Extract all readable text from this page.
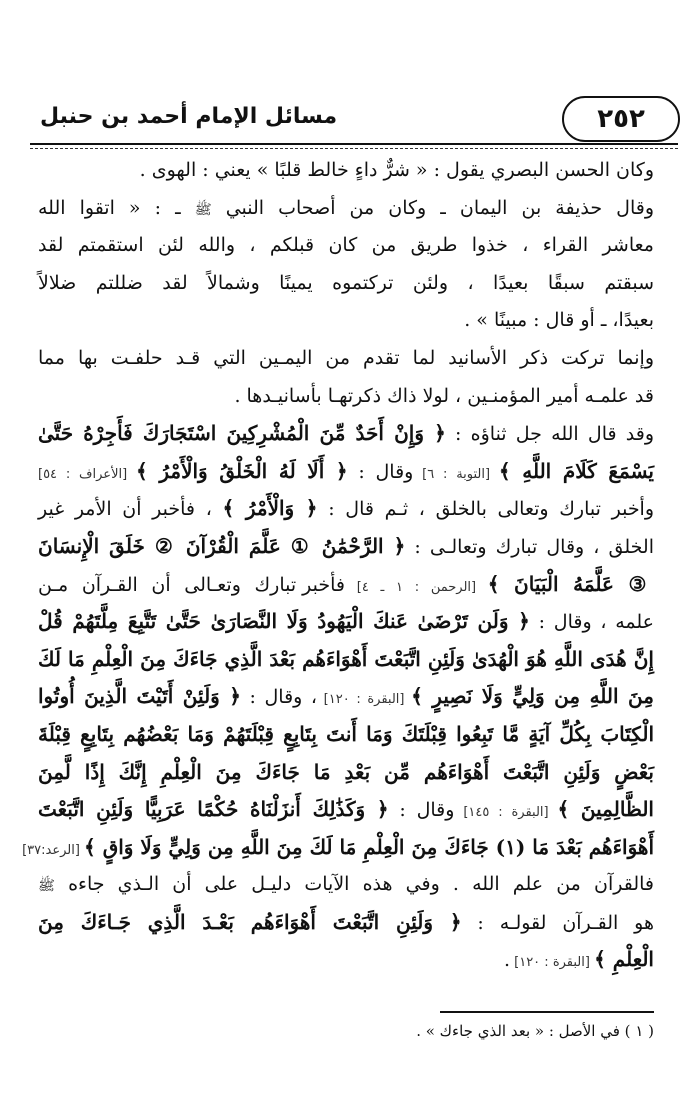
٢٥٢
مسائل الإمام أحمد بن حنبل
وكان الحسن البصري يقول : « شرٌّ داءٍ خالط قلبًا » يعني : الهوى .
وقال حذيفة بن اليمان ـ وكان من أصحاب النبي ﷺ ـ : « اتقوا الله
معاشر القراء ، خذوا طريق من كان قبلكم ، والله لئن استقمتم لقد
سبقتم سبقًا بعيدًا ، ولئن تركتموه يمينًا وشمالاً لقد ضللتم ضلالاً
بعيدًا، ـ أو قال : مبينًا » .
وإنما تركت ذكر الأسانيد لما تقدم من اليمـين التي قـد حلفـت بها مما
قد علمـه أمير المؤمنـين ، لولا ذاك ذكرتهـا بأسانيـدها .
وقد قال الله جل ثناؤه : ﴿ وَإِنْ أَحَدٌ مِّنَ الْمُشْرِكِينَ اسْتَجَارَكَ فَأَجِرْهُ حَتَّىٰ
يَسْمَعَ كَلَامَ اللَّهِ ﴾ [التوبة : ٦] وقال : ﴿ أَلَا لَهُ الْخَلْقُ وَالْأَمْرُ ﴾ [الأعراف : ٥٤]
وأخبر تبارك وتعالى بالخلق ، ثـم قال : ﴿ وَالْأَمْرُ ﴾ ، فأخبر أن الأمر غير
الخلق ، وقال تبارك وتعالـى : ﴿ الرَّحْمَٰنُ ① عَلَّمَ الْقُرْآنَ ② خَلَقَ الْإِنسَانَ
③ عَلَّمَهُ الْبَيَانَ ﴾ [الرحمن : ١ ـ ٤] فأخبر تبارك وتعـالى أن القـرآن مـن
علمه ، وقال : ﴿ وَلَن تَرْضَىٰ عَنكَ الْيَهُودُ وَلَا النَّصَارَىٰ حَتَّىٰ تَتَّبِعَ مِلَّتَهُمْ قُلْ
إِنَّ هُدَى اللَّهِ هُوَ الْهُدَىٰ وَلَئِنِ اتَّبَعْتَ أَهْوَاءَهُم بَعْدَ الَّذِي جَاءَكَ مِنَ الْعِلْمِ مَا لَكَ
مِنَ اللَّهِ مِن وَلِيٍّ وَلَا نَصِيرٍ ﴾ [البقرة : ١٢٠] ، وقال : ﴿ وَلَئِنْ أَتَيْتَ الَّذِينَ أُوتُوا
الْكِتَابَ بِكُلِّ آيَةٍ مَّا تَبِعُوا قِبْلَتَكَ وَمَا أَنتَ بِتَابِعٍ قِبْلَتَهُمْ وَمَا بَعْضُهُم بِتَابِعٍ قِبْلَةَ
بَعْضٍ وَلَئِنِ اتَّبَعْتَ أَهْوَاءَهُم مِّن بَعْدِ مَا جَاءَكَ مِنَ الْعِلْمِ إِنَّكَ إِذًا لَّمِنَ
الظَّالِمِينَ ﴾ [البقرة : ١٤٥] وقال : ﴿ وَكَذَٰلِكَ أَنزَلْنَاهُ حُكْمًا عَرَبِيًّا وَلَئِنِ اتَّبَعْتَ
أَهْوَاءَهُم بَعْدَ مَا (١) جَاءَكَ مِنَ الْعِلْمِ مَا لَكَ مِنَ اللَّهِ مِن وَلِيٍّ وَلَا وَاقٍ ﴾ [الرعد:٣٧]
فالقرآن من علم الله . وفي هذه الآيات دليـل على أن الـذي جاءه ﷺ
هو القـرآن لقولـه : ﴿ وَلَئِنِ اتَّبَعْتَ أَهْوَاءَهُم بَعْـدَ الَّذِي جَـاءَكَ مِنَ
الْعِلْمِ ﴾ [البقرة : ١٢٠] .
( ١ ) في الأصل : « بعد الذي جاءك » .
